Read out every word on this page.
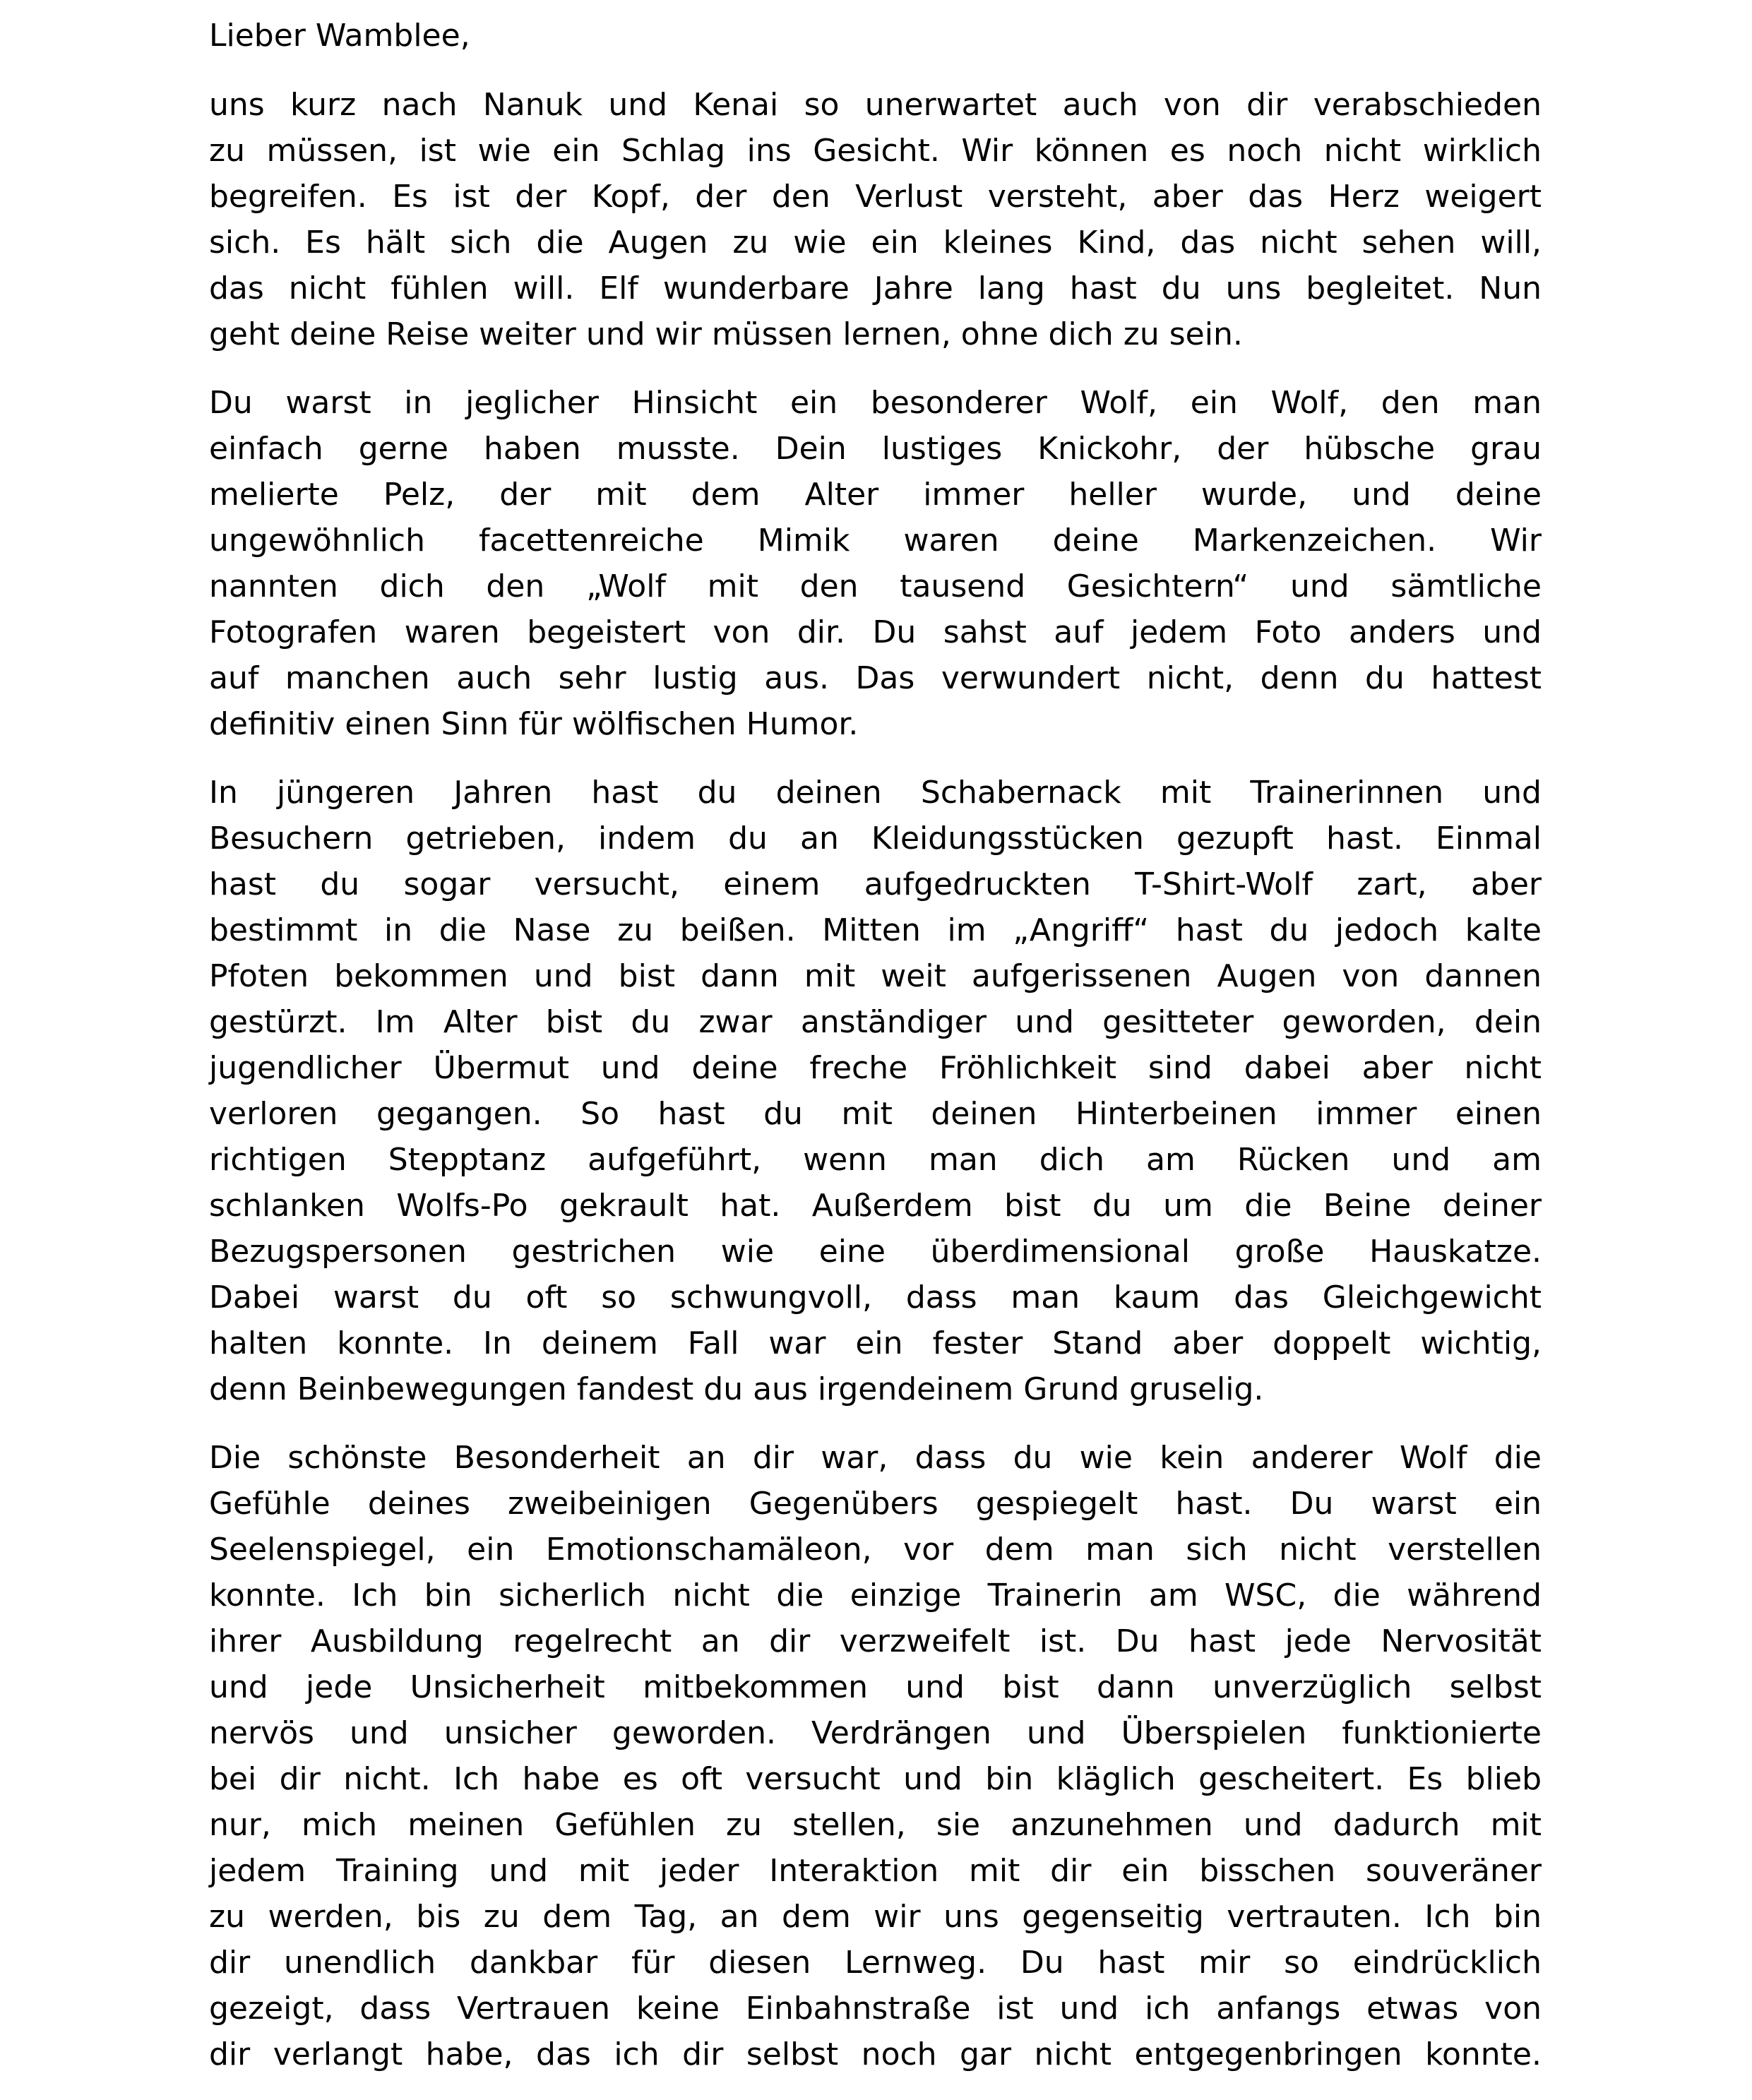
Lieber Wamblee,
uns kurz nach Nanuk und Kenai so unerwartet auch von dir verabschieden
zu müssen, ist wie ein Schlag ins Gesicht. Wir können es noch nicht wirklich
begreifen. Es ist der Kopf, der den Verlust versteht, aber das Herz weigert
sich. Es hält sich die Augen zu wie ein kleines Kind, das nicht sehen will,
das nicht fühlen will. Elf wunderbare Jahre lang hast du uns begleitet. Nun
geht deine Reise weiter und wir müssen lernen, ohne dich zu sein.
Du warst in jeglicher Hinsicht ein besonderer Wolf, ein Wolf, den man
einfach gerne haben musste. Dein lustiges Knickohr, der hübsche grau
melierte Pelz, der mit dem Alter immer heller wurde, und deine
ungewöhnlich facettenreiche Mimik waren deine Markenzeichen. Wir
nannten dich den „Wolf mit den tausend Gesichtern“ und sämtliche
Fotografen waren begeistert von dir. Du sahst auf jedem Foto anders und
auf manchen auch sehr lustig aus. Das verwundert nicht, denn du hattest
definitiv einen Sinn für wölfischen Humor.
In jüngeren Jahren hast du deinen Schabernack mit Trainerinnen und
Besuchern getrieben, indem du an Kleidungsstücken gezupft hast. Einmal
hast du sogar versucht, einem aufgedruckten T-Shirt-Wolf zart, aber
bestimmt in die Nase zu beißen. Mitten im „Angriff“ hast du jedoch kalte
Pfoten bekommen und bist dann mit weit aufgerissenen Augen von dannen
gestürzt. Im Alter bist du zwar anständiger und gesitteter geworden, dein
jugendlicher Übermut und deine freche Fröhlichkeit sind dabei aber nicht
verloren gegangen. So hast du mit deinen Hinterbeinen immer einen
richtigen Stepptanz aufgeführt, wenn man dich am Rücken und am
schlanken Wolfs-Po gekrault hat. Außerdem bist du um die Beine deiner
Bezugspersonen gestrichen wie eine überdimensional große Hauskatze.
Dabei warst du oft so schwungvoll, dass man kaum das Gleichgewicht
halten konnte. In deinem Fall war ein fester Stand aber doppelt wichtig,
denn Beinbewegungen fandest du aus irgendeinem Grund gruselig.
Die schönste Besonderheit an dir war, dass du wie kein anderer Wolf die
Gefühle deines zweibeinigen Gegenübers gespiegelt hast. Du warst ein
Seelenspiegel, ein Emotionschamäleon, vor dem man sich nicht verstellen
konnte. Ich bin sicherlich nicht die einzige Trainerin am WSC, die während
ihrer Ausbildung regelrecht an dir verzweifelt ist. Du hast jede Nervosität
und jede Unsicherheit mitbekommen und bist dann unverzüglich selbst
nervös und unsicher geworden. Verdrängen und Überspielen funktionierte
bei dir nicht. Ich habe es oft versucht und bin kläglich gescheitert. Es blieb
nur, mich meinen Gefühlen zu stellen, sie anzunehmen und dadurch mit
jedem Training und mit jeder Interaktion mit dir ein bisschen souveräner
zu werden, bis zu dem Tag, an dem wir uns gegenseitig vertrauten. Ich bin
dir unendlich dankbar für diesen Lernweg. Du hast mir so eindrücklich
gezeigt, dass Vertrauen keine Einbahnstraße ist und ich anfangs etwas von
dir verlangt habe, das ich dir selbst noch gar nicht entgegenbringen konnte.
